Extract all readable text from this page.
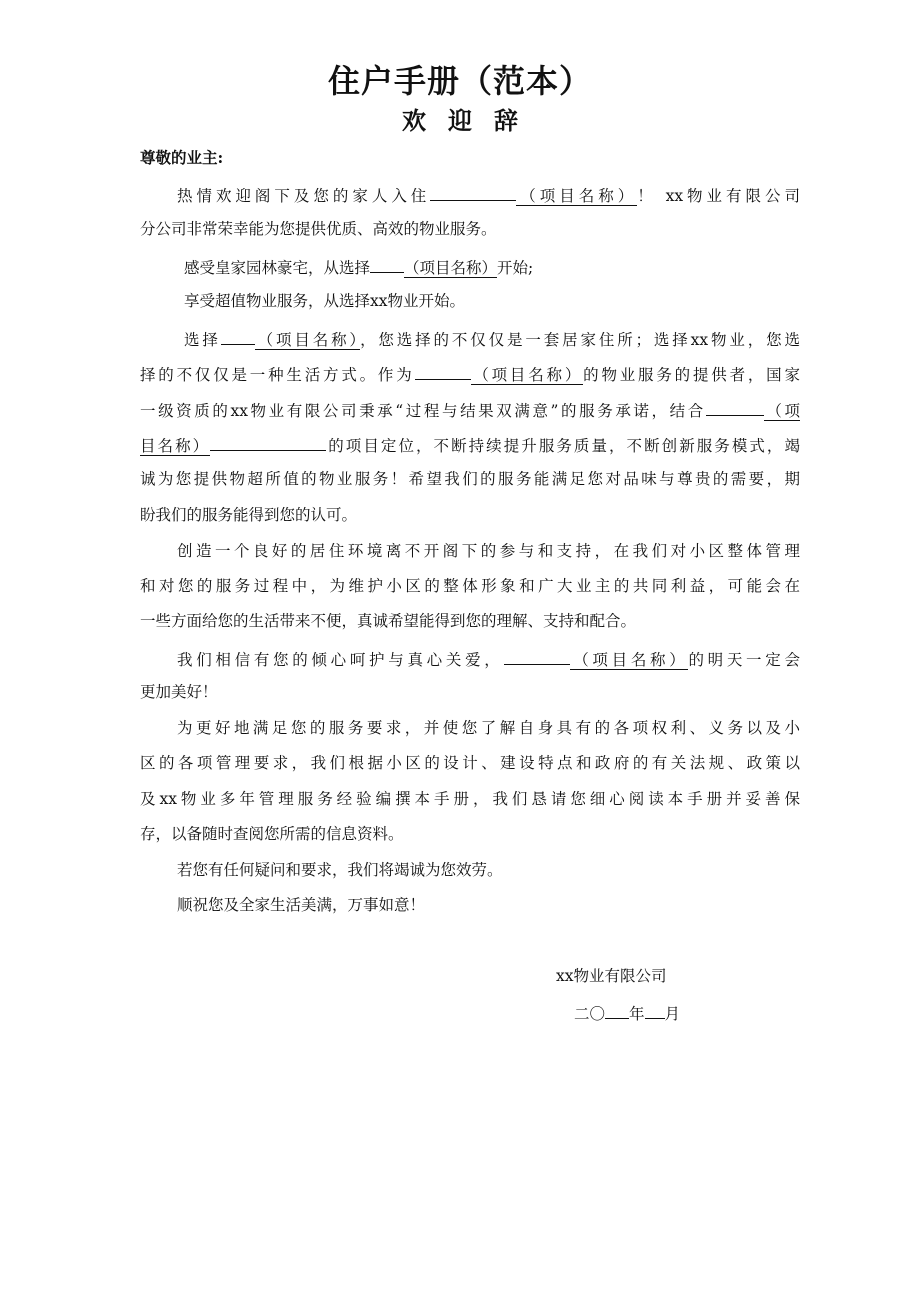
住户手册（范本）
欢迎辞
尊敬的业主:
热情欢迎阁下及您的家人入住	（项目名称）！ xx物业有限公司
分公司非常荣幸能为您提供优质、高效的物业服务。
感受皇家园林豪宅，从选择 （项目名称）开始;
享受超值物业服务，从选择xx物业开始。
选择 （项目名称），您选择的不仅仅是一套居家住所；选择xx物业，您选
择的不仅仅是一种生活方式。作为	（项目名称）的物业服务的提供者，国家
一级资质的xx物业有限公司秉承“过程与结果双满意”的服务承诺，结合	（项
目名称）	的项目定位，不断持续提升服务质量，不断创新服务模式，竭
诚为您提供物超所值的物业服务！希望我们的服务能满足您对品味与尊贵的需要，期
盼我们的服务能得到您的认可。
创造一个良好的居住环境离不开阁下的参与和支持，在我们对小区整体管理
和对您的服务过程中，为维护小区的整体形象和广大业主的共同利益，可能会在
一些方面给您的生活带来不便，真诚希望能得到您的理解、支持和配合。
我们相信有您的倾心呵护与真心关爱，	（项目名称）的明天一定会
更加美好！
为更好地满足您的服务要求，并使您了解自身具有的各项权利、义务以及小
区的各项管理要求，我们根据小区的设计、建设特点和政府的有关法规、政策以
及xx物业多年管理服务经验编撰本手册，我们恳请您细心阅读本手册并妥善保
存，以备随时查阅您所需的信息资料。
若您有任何疑问和要求，我们将竭诚为您效劳。
顺祝您及全家生活美满，万事如意！
xx物业有限公司
二〇 年 月
